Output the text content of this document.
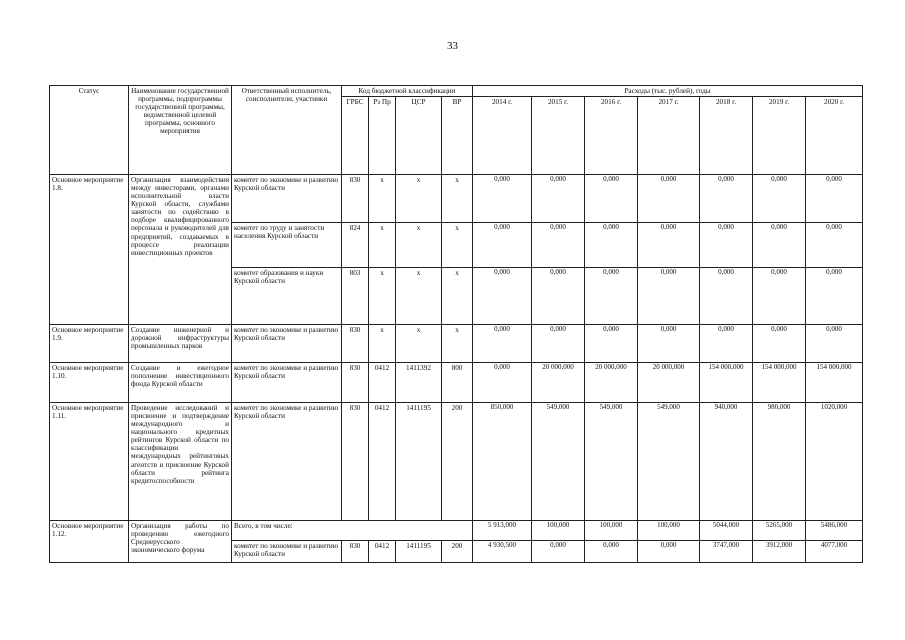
33
Статус	Наименование государственной программы, подпрограммы государственной программы, ведомственной целевой программы, основного мероприятия	Ответственный исполнитель, соисполнители, участники	Код бюджетной классификации				Расходы (тыс. рублей), годы						
			ГРБС	Рз Пр	ЦСР	ВР	2014 г.	2015 г.	2016 г.	2017 г.	2018 г.	2019 г.	2020 г.
Основное мероприятие 1.8.	Организация взаимодействия между инвесторами, органами исполнительной власти Курской области, службами занятости по содействию в подборе квалифицированного персонала и руководителей для предприятий, создаваемых в процессе реализации инвестиционных проектов	комитет по экономике и развитию Курской области	830	х	х	х	0,000	0,000	0,000	0,000	0,000	0,000	0,000
		комитет по труду и занятости населения Курской области	824	х	х	х	0,000	0,000	0,000	0,000	0,000	0,000	0,000
		комитет образования и науки Курской области	803	х	х	х	0,000	0,000	0,000	0,000	0,000	0,000	0,000
Основное мероприятие 1.9.	Создание инженерной и дорожной инфраструктуры промышленных парков	комитет по экономике и развитию Курской области	830	х	х	х	0,000	0,000	0,000	0,000	0,000	0,000	0,000
Основное мероприятие 1.10.	Создание и ежегодное пополнение инвестиционного фонда Курской области	комитет по экономике и развитию Курской области	830	0412	1411392	800	0,000	20 000,000	20 000,000	20 000,000	154 000,000	154 000,000	154 000,000
Основное мероприятие 1.11.	Проведение исследований и присвоение и подтверждение международного и национального кредитных рейтингов Курской области по классификации международных рейтинговых агентств и присвоение Курской области рейтинга кредитоспособности	комитет по экономике и развитию Курской области	830	0412	1411195	200	850,000	549,000	549,000	549,000	940,000	980,000	1020,000
Основное мероприятие 1.12.	Организация работы по проведению ежегодного Среднерусского экономического форума	Всего, в том числе:					5 913,000	100,000	100,000	100,000	5044,000	5265,000	5486,000
		комитет по экономике и развитию Курской области	830	0412	1411195	200	4 930,500	0,000	0,000	0,000	3747,000	3912,000	4077,000
